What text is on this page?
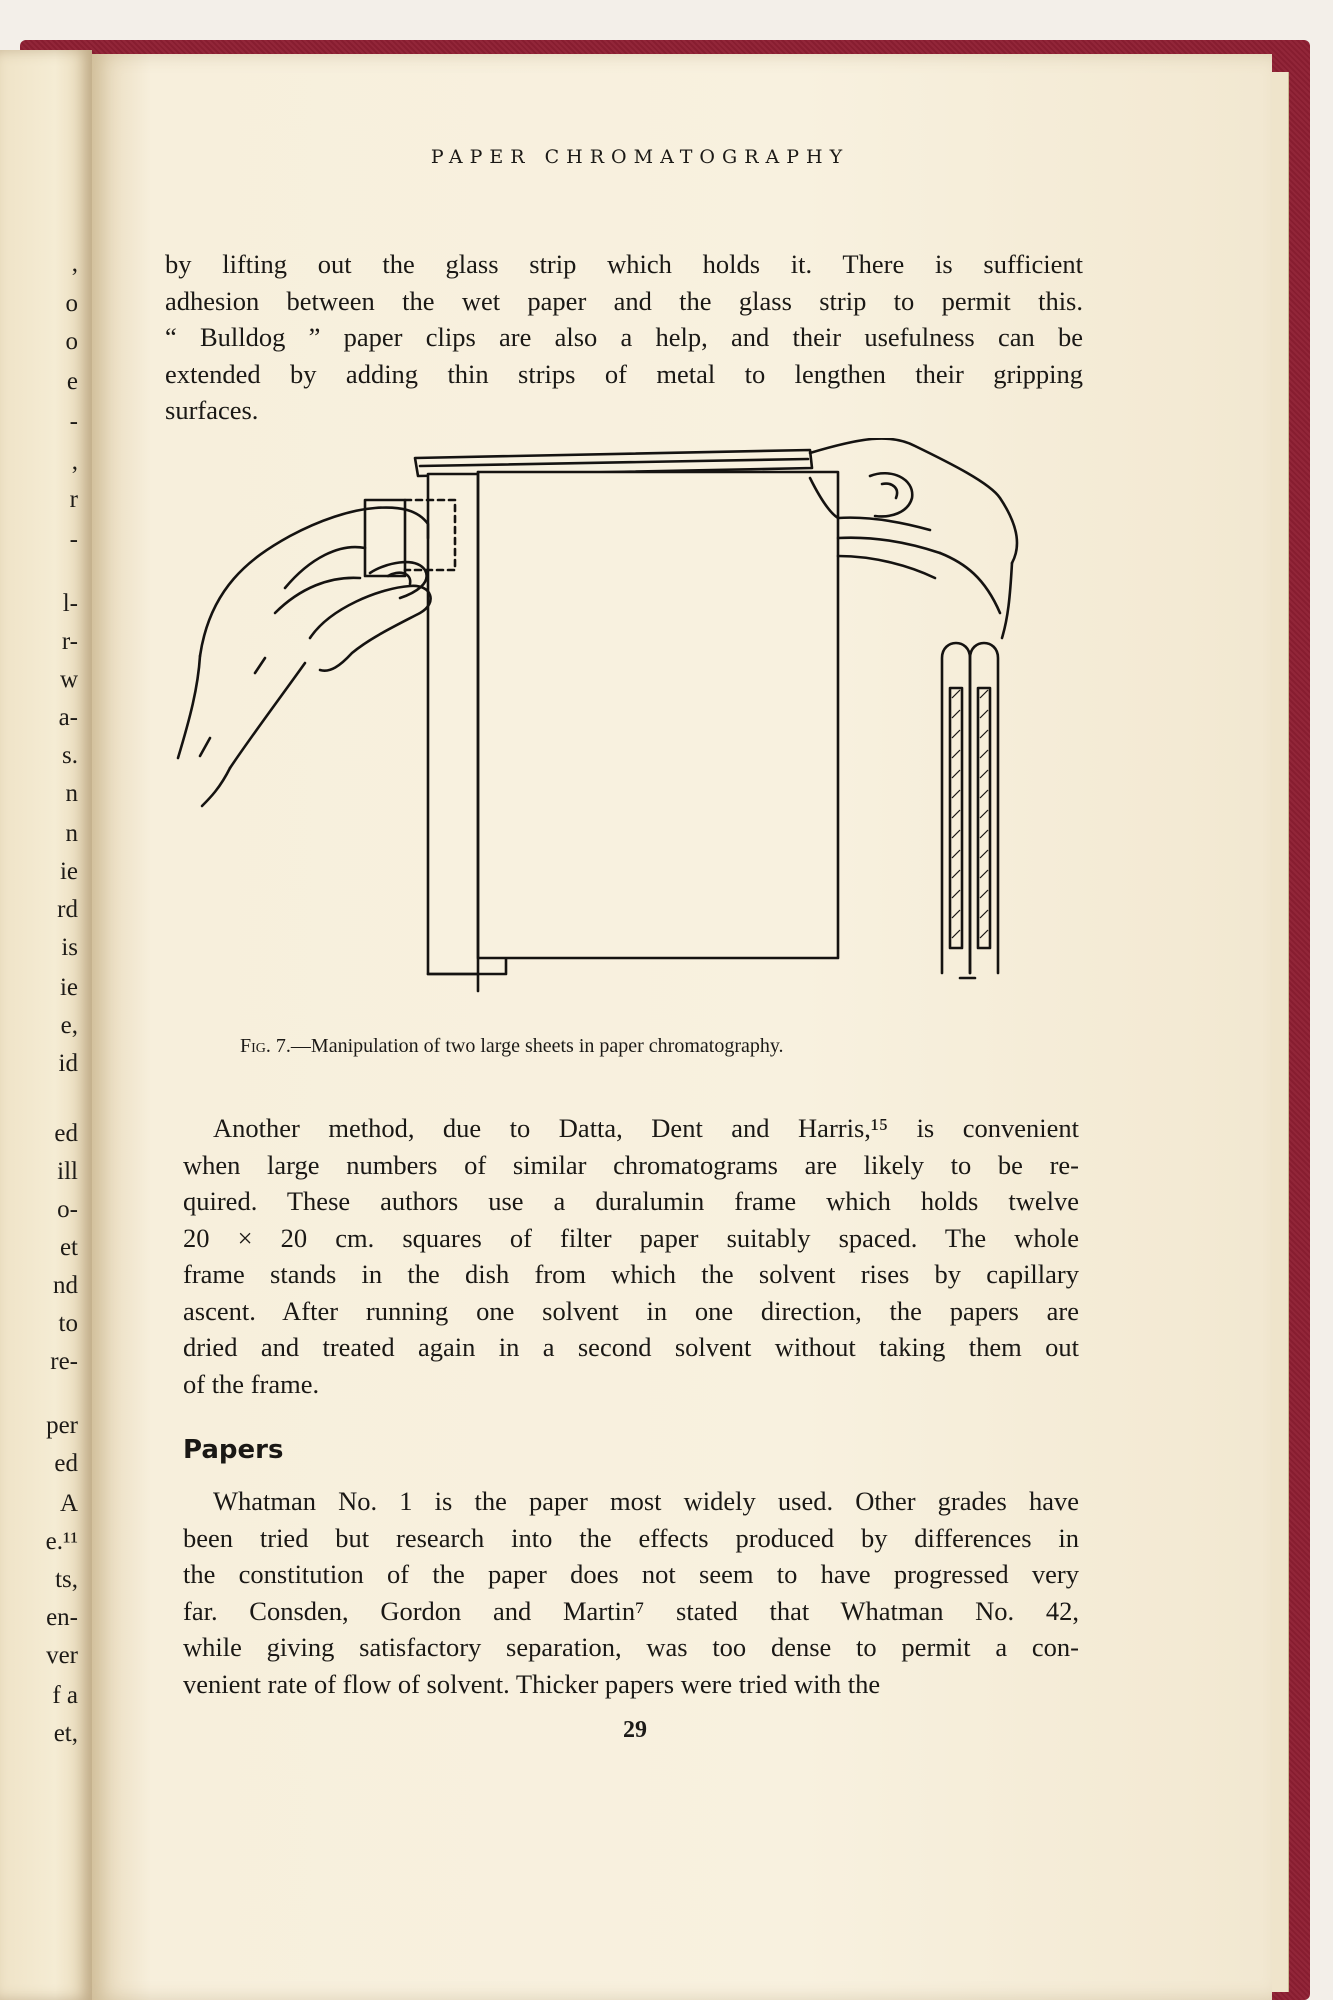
,
o
o
e
-
,
r
-
l-
r-
w
a-
s.
n
n
ie
rd
is
ie
e,
id
ed
ill
o-
et
nd
to
re-
per
ed
A
e.¹¹
ts,
en-
ver
f a
et,
PAPER CHROMATOGRAPHY
by lifting out the glass strip which holds it. There is sufficient
adhesion between the wet paper and the glass strip to permit this.
“ Bulldog ” paper clips are also a help, and their usefulness can be
extended by adding thin strips of metal to lengthen their gripping
surfaces.
Fig. 7.—Manipulation of two large sheets in paper chromatography.
Another method, due to Datta, Dent and Harris,¹⁵ is convenient
when large numbers of similar chromatograms are likely to be re-
quired. These authors use a duralumin frame which holds twelve
20 × 20 cm. squares of filter paper suitably spaced. The whole
frame stands in the dish from which the solvent rises by capillary
ascent. After running one solvent in one direction, the papers are
dried and treated again in a second solvent without taking them out
of the frame.
Papers
Whatman No. 1 is the paper most widely used. Other grades have
been tried but research into the effects produced by differences in
the constitution of the paper does not seem to have progressed very
far. Consden, Gordon and Martin⁷ stated that Whatman No. 42,
while giving satisfactory separation, was too dense to permit a con-
venient rate of flow of solvent. Thicker papers were tried with the
29
